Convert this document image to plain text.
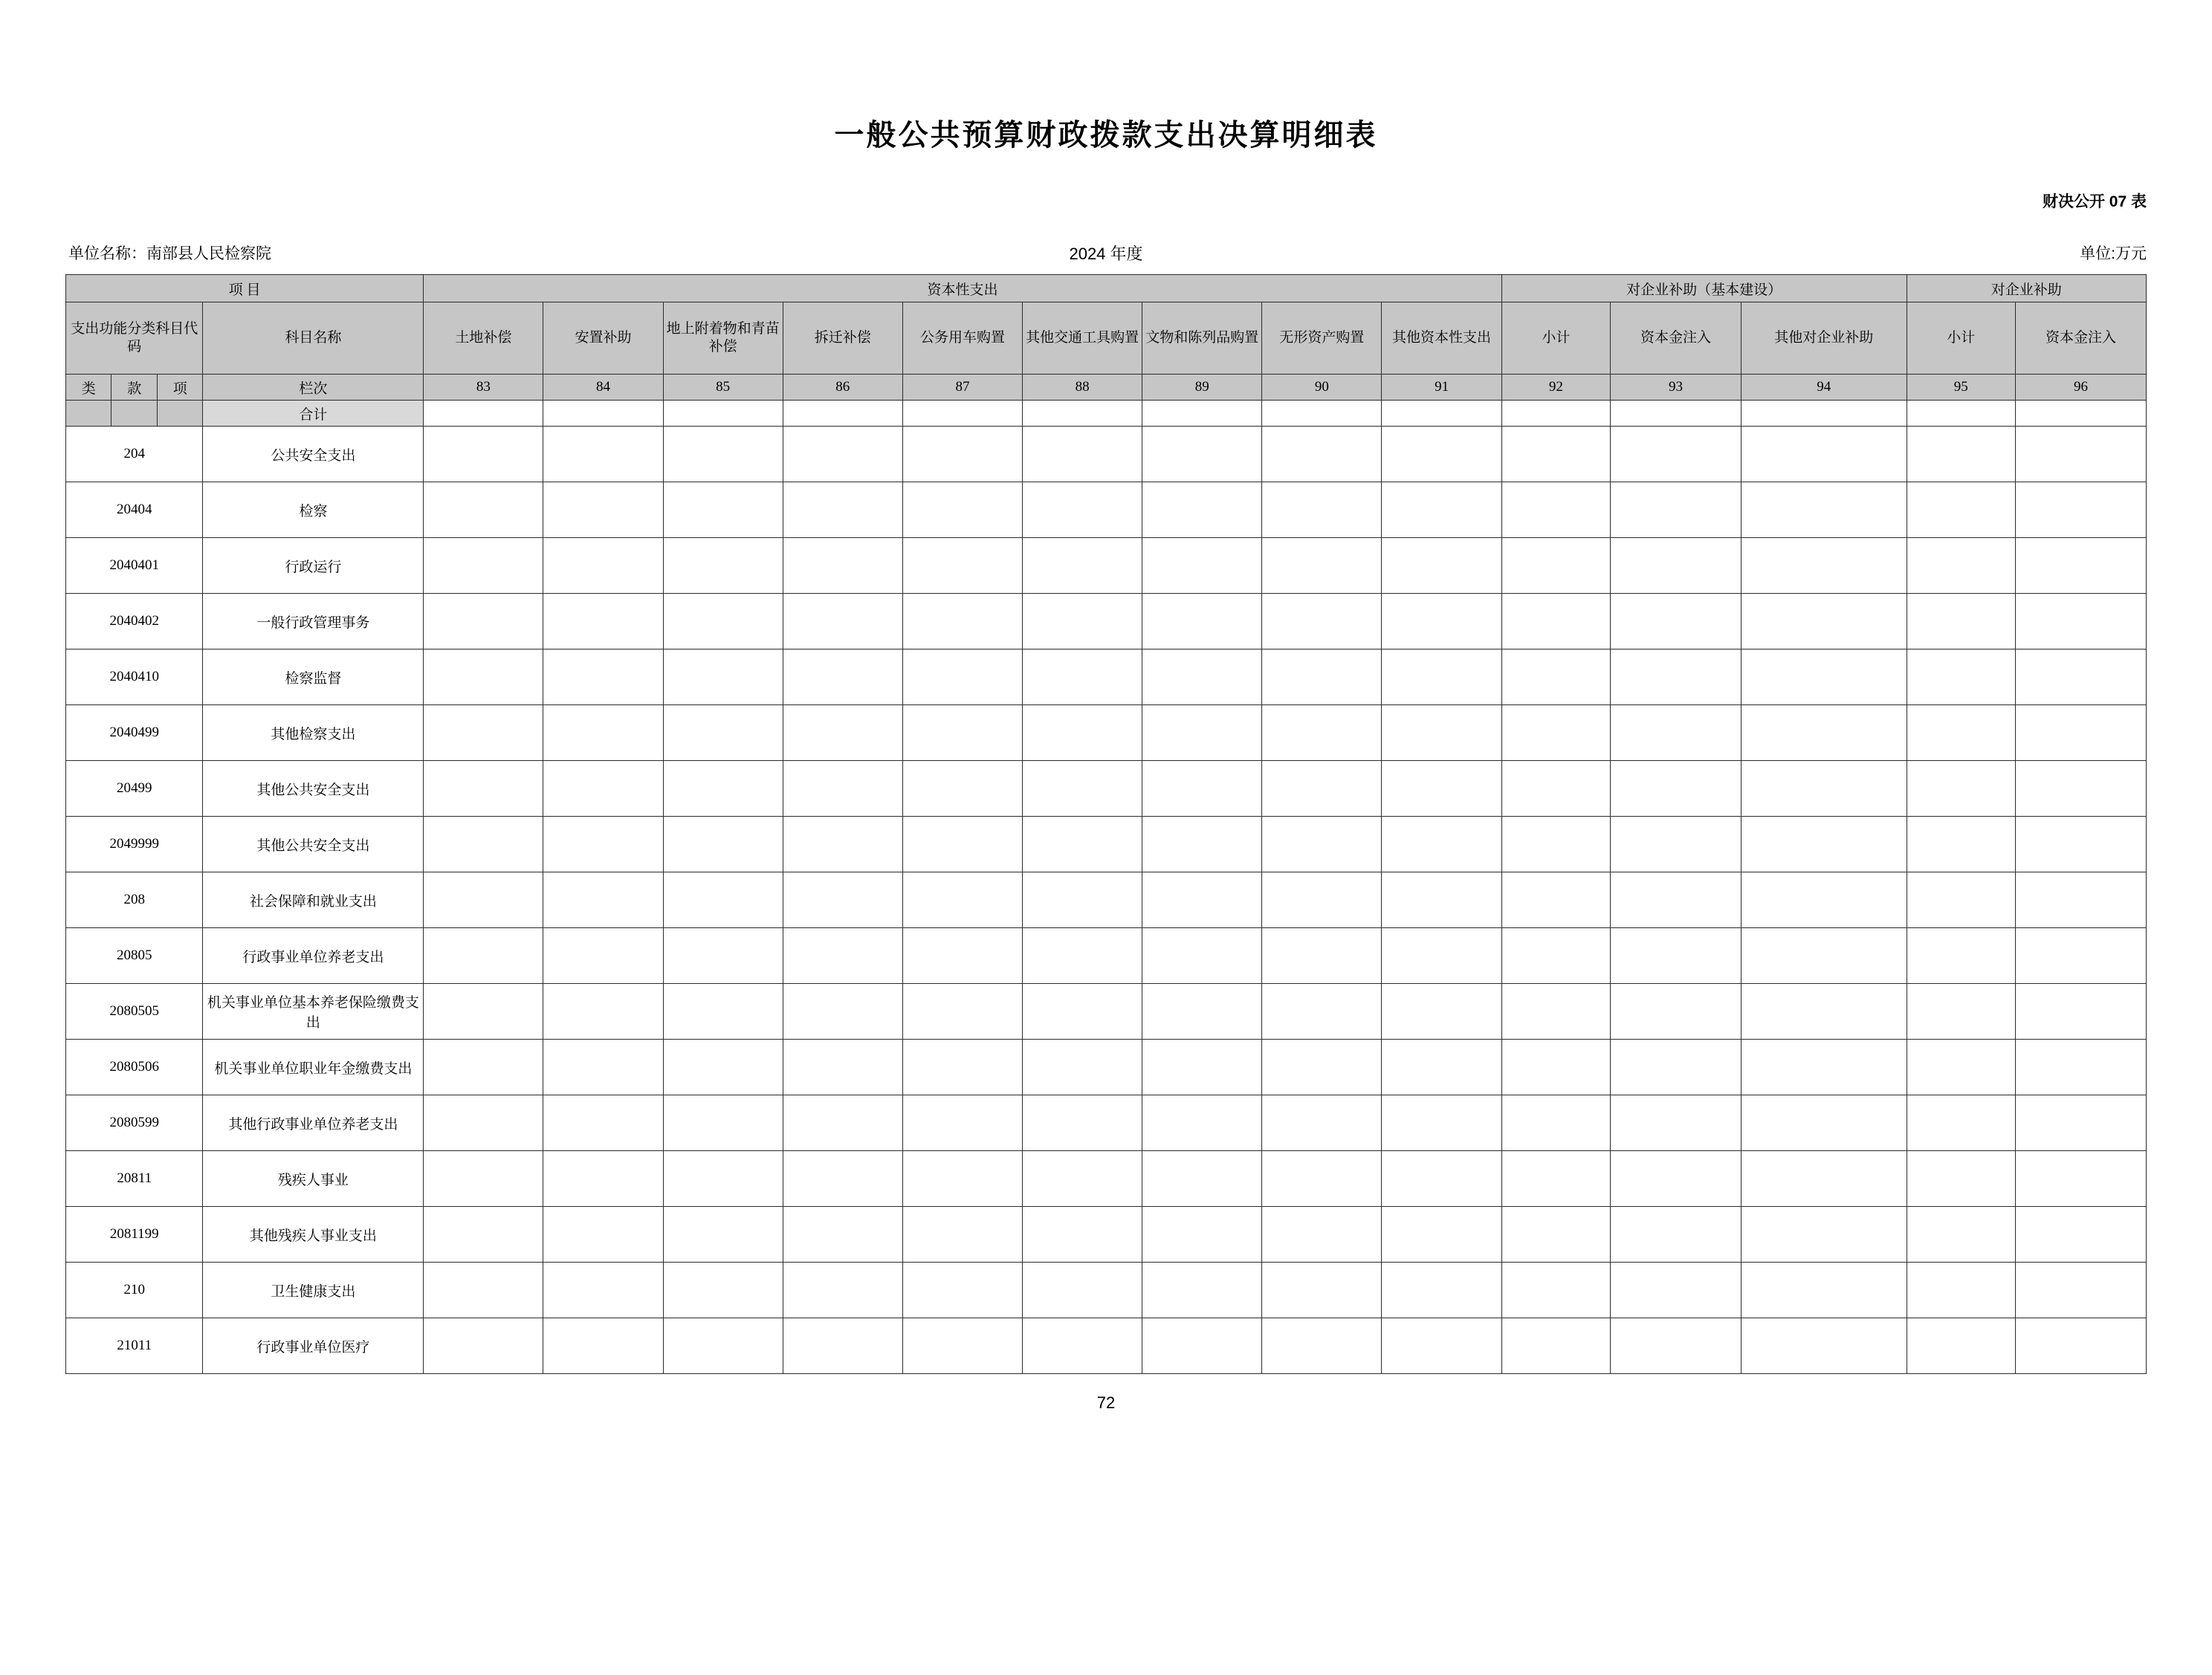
一般公共预算财政拨款支出决算明细表
财决公开 07 表
单位名称：南部县人民检察院	2024 年度	单位:万元
项 目				资本性支出									对企业补助（基本建设）			对企业补助	
支出功能分类科目代码			科目名称	土地补偿	安置补助	地上附着物和青苗补偿	拆迁补偿	公务用车购置	其他交通工具购置	文物和陈列品购置	无形资产购置	其他资本性支出	小计	资本金注入	其他对企业补助	小计	资本金注入
类	款	项	栏次	83	84	85	86	87	88	89	90	91	92	93	94	95	96
			合计														
204			公共安全支出														
20404			检察														
2040401			行政运行														
2040402			一般行政管理事务														
2040410			检察监督														
2040499			其他检察支出														
20499			其他公共安全支出														
2049999			其他公共安全支出														
208			社会保障和就业支出														
20805			行政事业单位养老支出														
2080505			机关事业单位基本养老保险缴费支出														
2080506			机关事业单位职业年金缴费支出														
2080599			其他行政事业单位养老支出														
20811			残疾人事业														
2081199			其他残疾人事业支出														
210			卫生健康支出														
21011			行政事业单位医疗														
72
